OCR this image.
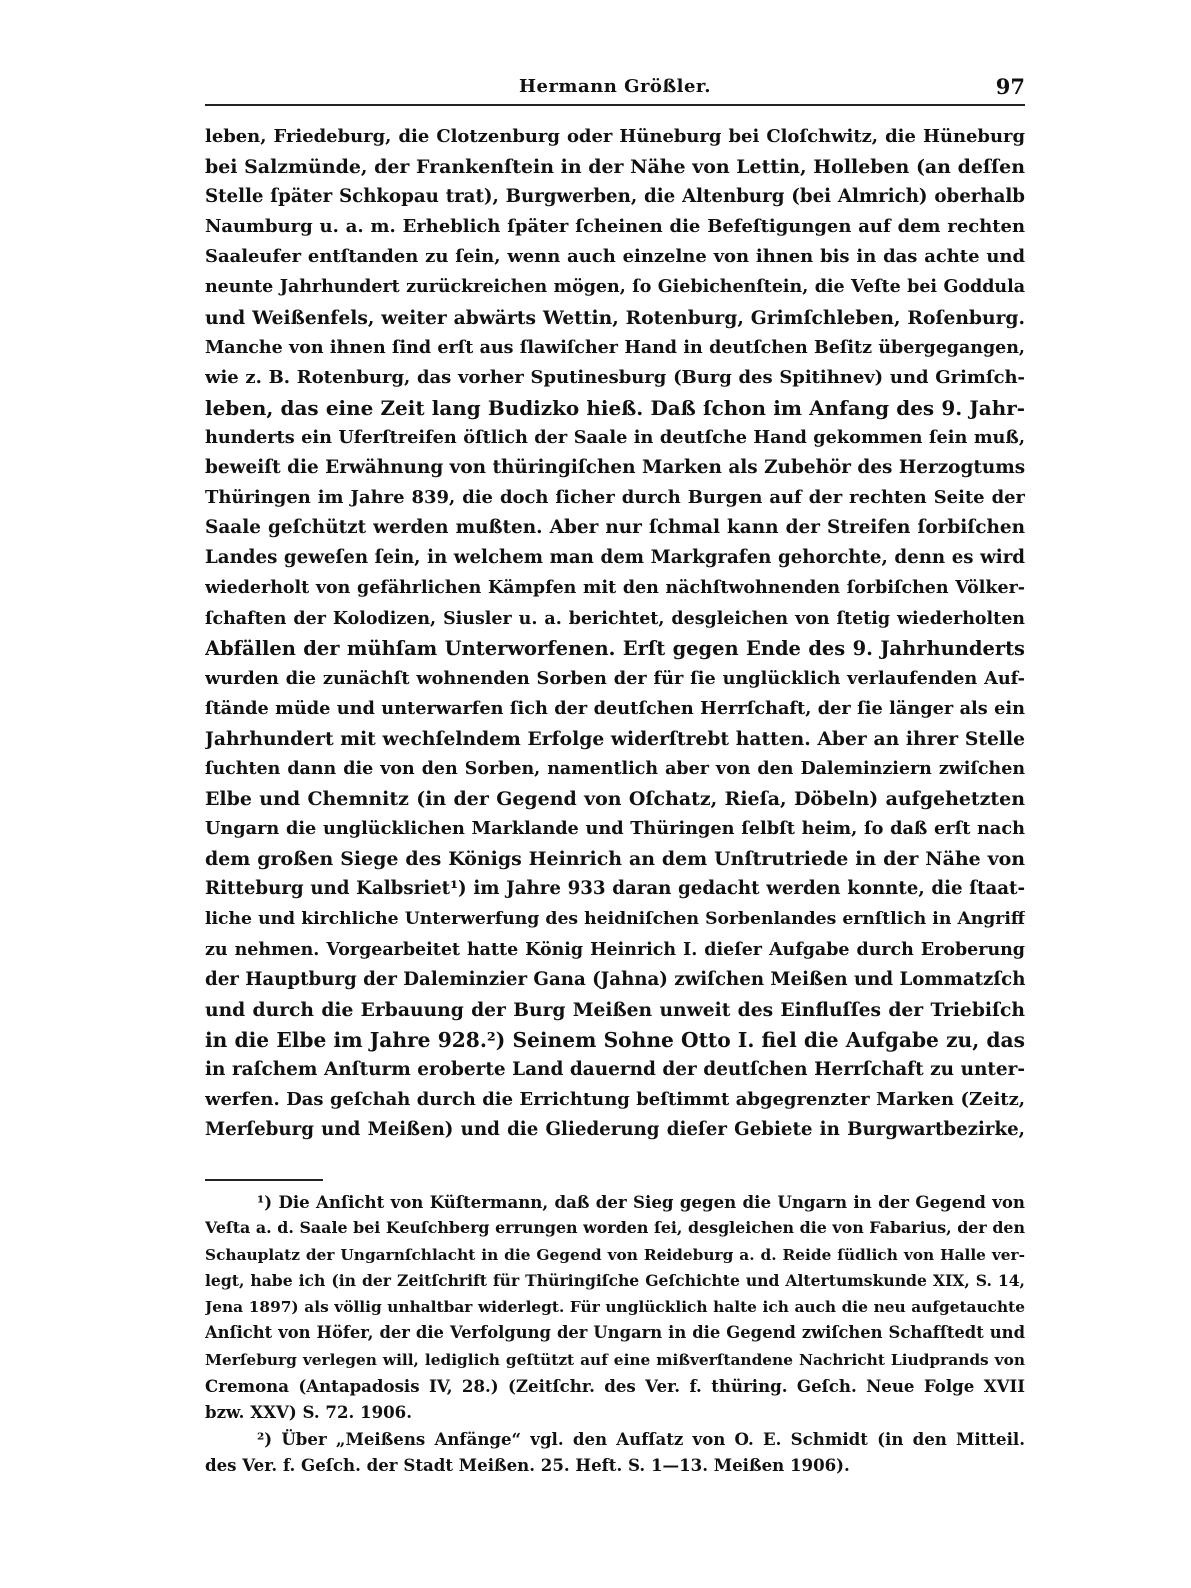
Hermann Größler.	97
leben, Friedeburg, die Clotzenburg oder Hüneburg bei Cloſchwitz, die Hüneburg
bei Salzmünde, der Frankenſtein in der Nähe von Lettin, Holleben (an deſſen
Stelle ſpäter Schkopau trat), Burgwerben, die Altenburg (bei Almrich) oberhalb
Naumburg u. a. m. Erheblich ſpäter ſcheinen die Befeſtigungen auf dem rechten
Saaleufer entſtanden zu ſein, wenn auch einzelne von ihnen bis in das achte und
neunte Jahrhundert zurückreichen mögen, ſo Giebichenſtein, die Veſte bei Goddula
und Weißenfels, weiter abwärts Wettin, Rotenburg, Grimſchleben, Roſenburg.
Manche von ihnen ſind erſt aus ſlawiſcher Hand in deutſchen Beſitz übergegangen,
wie z. B. Rotenburg, das vorher Sputinesburg (Burg des Spitihnev) und Grimſch-
leben, das eine Zeit lang Budizko hieß. Daß ſchon im Anfang des 9. Jahr-
hunderts ein Uferſtreifen öſtlich der Saale in deutſche Hand gekommen ſein muß,
beweiſt die Erwähnung von thüringiſchen Marken als Zubehör des Herzogtums
Thüringen im Jahre 839, die doch ſicher durch Burgen auf der rechten Seite der
Saale geſchützt werden mußten. Aber nur ſchmal kann der Streifen ſorbiſchen
Landes geweſen ſein, in welchem man dem Markgrafen gehorchte, denn es wird
wiederholt von gefährlichen Kämpfen mit den nächſtwohnenden ſorbiſchen Völker-
ſchaften der Kolodizen, Siusler u. a. berichtet, desgleichen von ſtetig wiederholten
Abfällen der mühſam Unterworfenen. Erſt gegen Ende des 9. Jahrhunderts
wurden die zunächſt wohnenden Sorben der für ſie unglücklich verlaufenden Auf-
ſtände müde und unterwarfen ſich der deutſchen Herrſchaft, der ſie länger als ein
Jahrhundert mit wechſelndem Erfolge widerſtrebt hatten. Aber an ihrer Stelle
ſuchten dann die von den Sorben, namentlich aber von den Daleminziern zwiſchen
Elbe und Chemnitz (in der Gegend von Oſchatz, Rieſa, Döbeln) aufgehetzten
Ungarn die unglücklichen Marklande und Thüringen ſelbſt heim, ſo daß erſt nach
dem großen Siege des Königs Heinrich an dem Unſtrutriede in der Nähe von
Ritteburg und Kalbsriet¹) im Jahre 933 daran gedacht werden konnte, die ſtaat-
liche und kirchliche Unterwerfung des heidniſchen Sorbenlandes ernſtlich in Angriff
zu nehmen. Vorgearbeitet hatte König Heinrich I. dieſer Aufgabe durch Eroberung
der Hauptburg der Daleminzier Gana (Jahna) zwiſchen Meißen und Lommatzſch
und durch die Erbauung der Burg Meißen unweit des Einfluſſes der Triebiſch
in die Elbe im Jahre 928.²) Seinem Sohne Otto I. fiel die Aufgabe zu, das
in raſchem Anſturm eroberte Land dauernd der deutſchen Herrſchaft zu unter-
werfen. Das geſchah durch die Errichtung beſtimmt abgegrenzter Marken (Zeitz,
Merſeburg und Meißen) und die Gliederung dieſer Gebiete in Burgwartbezirke,
¹) Die Anſicht von Küſtermann, daß der Sieg gegen die Ungarn in der Gegend von
Veſta a. d. Saale bei Keuſchberg errungen worden ſei, desgleichen die von Fabarius, der den
Schauplatz der Ungarnſchlacht in die Gegend von Reideburg a. d. Reide ſüdlich von Halle ver-
legt, habe ich (in der Zeitſchrift für Thüringiſche Geſchichte und Altertumskunde XIX, S. 14,
Jena 1897) als völlig unhaltbar widerlegt. Für unglücklich halte ich auch die neu aufgetauchte
Anſicht von Höfer, der die Verfolgung der Ungarn in die Gegend zwiſchen Schafſtedt und
Merſeburg verlegen will, lediglich geſtützt auf eine mißverſtandene Nachricht Liudprands von
Cremona (Antapadosis IV, 28.) (Zeitſchr. des Ver. f. thüring. Geſch. Neue Folge XVII
bzw. XXV) S. 72. 1906.
²) Über „Meißens Anfänge“ vgl. den Aufſatz von O. E. Schmidt (in den Mitteil.
des Ver. f. Geſch. der Stadt Meißen. 25. Heft. S. 1—13. Meißen 1906).
